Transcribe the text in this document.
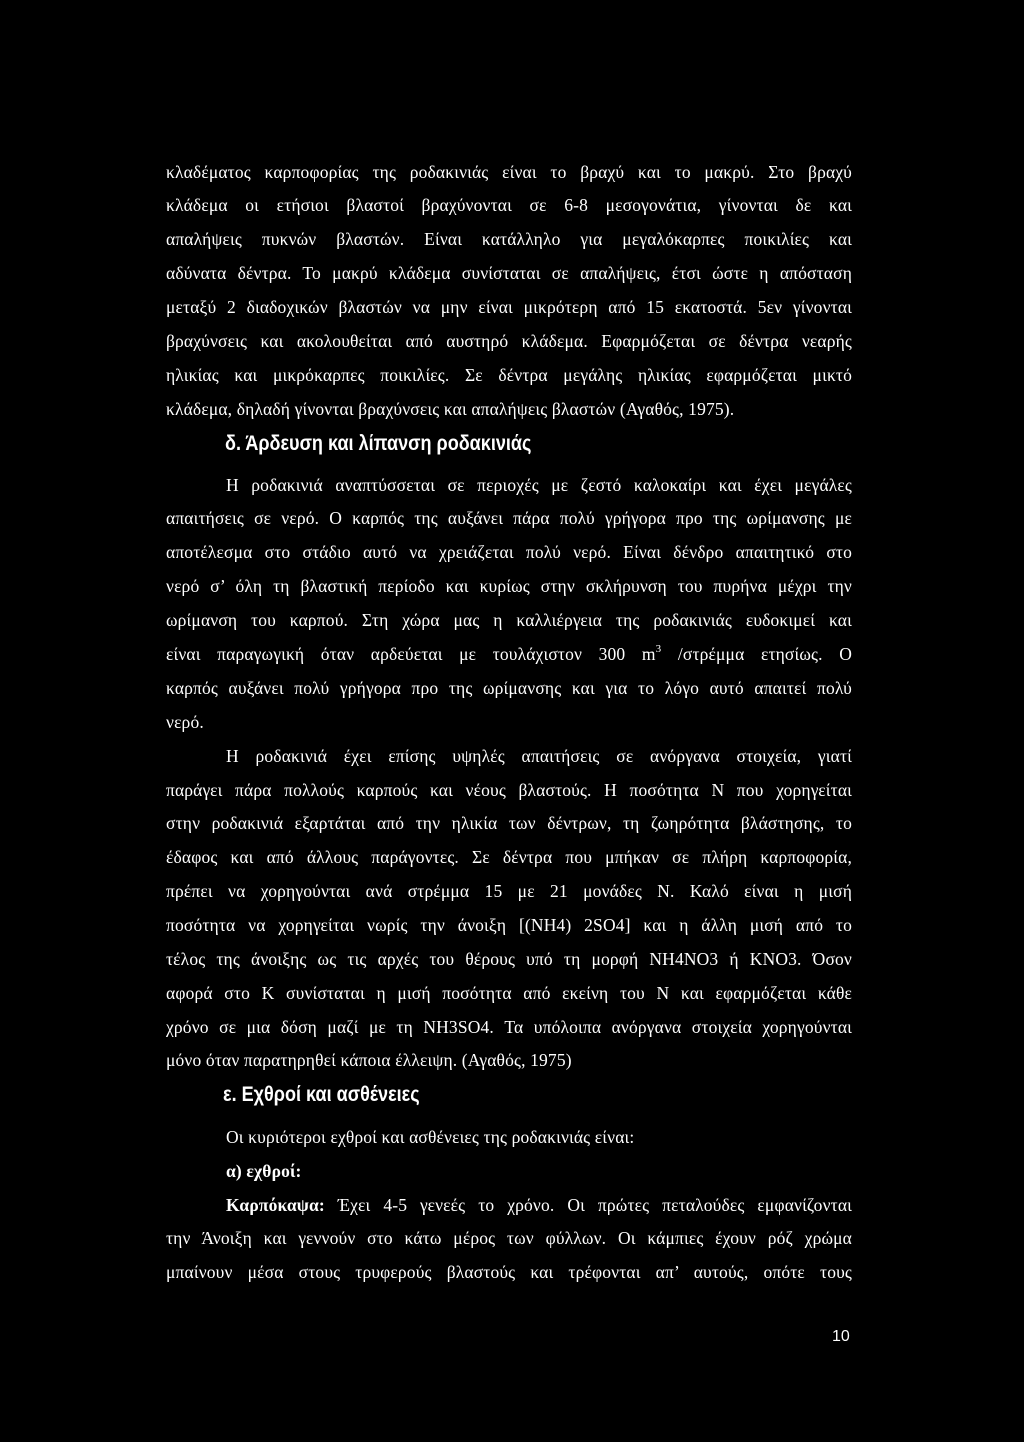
κλαδέματος καρποφορίας της ροδακινιάς είναι το βραχύ και το μακρύ. Στο βραχύ
κλάδεμα οι ετήσιοι βλαστοί βραχύνονται σε 6-8 μεσογονάτια, γίνονται δε και
απαλήψεις πυκνών βλαστών. Είναι κατάλληλο για μεγαλόκαρπες ποικιλίες και
αδύνατα δέντρα. Το μακρύ κλάδεμα συνίσταται σε απαλήψεις, έτσι ώστε η απόσταση
μεταξύ 2 διαδοχικών βλαστών να μην είναι μικρότερη από 15 εκατοστά. 5εν γίνονται
βραχύνσεις και ακολουθείται από αυστηρό κλάδεμα. Εφαρμόζεται σε δέντρα νεαρής
ηλικίας και μικρόκαρπες ποικιλίες. Σε δέντρα μεγάλης ηλικίας εφαρμόζεται μικτό
κλάδεμα, δηλαδή γίνονται βραχύνσεις και απαλήψεις βλαστών (Αγαθός, 1975).
δ. Άρδευση και λίπανση ροδακινιάς
Η ροδακινιά αναπτύσσεται σε περιοχές με ζεστό καλοκαίρι και έχει μεγάλες
απαιτήσεις σε νερό. Ο καρπός της αυξάνει πάρα πολύ γρήγορα προ της ωρίμανσης με
αποτέλεσμα στο στάδιο αυτό να χρειάζεται πολύ νερό. Είναι δένδρο απαιτητικό στο
νερό σ’ όλη τη βλαστική περίοδο και κυρίως στην σκλήρυνση του πυρήνα μέχρι την
ωρίμανση του καρπού. Στη χώρα μας η καλλιέργεια της ροδακινιάς ευδοκιμεί και
είναι παραγωγική όταν αρδεύεται με τουλάχιστον 300 $m^3$ /στρέμμα ετησίως. Ο
καρπός αυξάνει πολύ γρήγορα προ της ωρίμανσης και για το λόγο αυτό απαιτεί πολύ
νερό.
Η ροδακινιά έχει επίσης υψηλές απαιτήσεις σε ανόργανα στοιχεία, γιατί
παράγει πάρα πολλούς καρπούς και νέους βλαστούς. Η ποσότητα Ν που χορηγείται
στην ροδακινιά εξαρτάται από την ηλικία των δέντρων, τη ζωηρότητα βλάστησης, το
έδαφος και από άλλους παράγοντες. Σε δέντρα που μπήκαν σε πλήρη καρποφορία,
πρέπει να χορηγούνται ανά στρέμμα 15 με 21 μονάδες Ν. Καλό είναι η μισή
ποσότητα να χορηγείται νωρίς την άνοιξη [(ΝΗ4) 2SO4] και η άλλη μισή από το
τέλος της άνοιξης ως τις αρχές του θέρους υπό τη μορφή ΝΗ4ΝΟ3 ή ΚΝΟ3. Όσον
αφορά στο Κ συνίσταται η μισή ποσότητα από εκείνη του Ν και εφαρμόζεται κάθε
χρόνο σε μια δόση μαζί με τη NH3SO4. Τα υπόλοιπα ανόργανα στοιχεία χορηγούνται
μόνο όταν παρατηρηθεί κάποια έλλειψη. (Αγαθός, 1975)
ε. Εχθροί και ασθένειες
Οι κυριότεροι εχθροί και ασθένειες της ροδακινιάς είναι:
α) εχθροί:
Καρπόκαψα: Έχει 4-5 γενεές το χρόνο. Οι πρώτες πεταλούδες εμφανίζονται
την Άνοιξη και γεννούν στο κάτω μέρος των φύλλων. Οι κάμπιες έχουν ρόζ χρώμα
μπαίνουν μέσα στους τρυφερούς βλαστούς και τρέφονται απ’ αυτούς, οπότε τους
10
